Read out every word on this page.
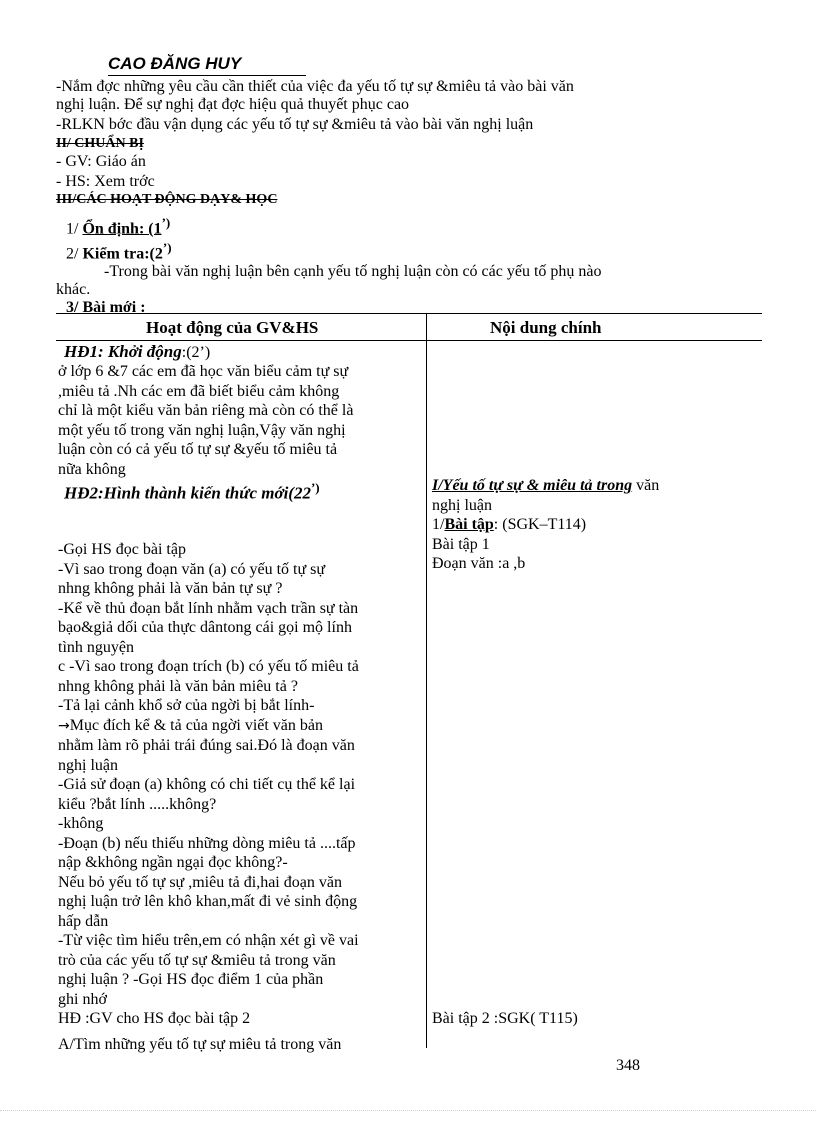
CAO ĐĂNG HUY
-Nắm đợc những yêu cầu cần thiết của việc đa yếu tố tự sự &miêu tả vào bài văn
nghị luận. Để sự nghị đạt đợc hiệu quả thuyết phục cao
-RLKN bớc đầu vận dụng các yếu tố tự sự &miêu tả vào bài văn nghị luận
II/ CHUẨN BỊ
- GV: Giáo án
- HS: Xem trớc
III/CÁC HOẠT ĐỘNG DẠY& HỌC
1/ Ổn định: (1’)
2/ Kiểm tra:(2’)
-Trong bài văn nghị luận bên cạnh yếu tố nghị luận còn có các yếu tố phụ nào
khác.
3/ Bài mới :
Hoạt động của GV&HS	Nội dung chính
HĐ1: Khởi động:(2’)
ở lớp 6 &7 các em đã học văn biểu cảm tự sự
,miêu tả .Nh các em đã biết biểu cảm không
chỉ là một kiểu văn bản riêng mà còn có thể là
một yếu tố trong văn nghị luận,Vậy văn nghị
luận còn có cả yếu tố tự sự &yếu tố miêu tả
nữa không
HĐ2:Hình thành kiến thức mới(22’)
-Gọi HS đọc bài tập
-Vì sao trong đoạn văn (a) có yếu tố tự sự
nhng không phải là văn bản tự sự ?
-Kể về thủ đoạn bắt lính nhằm vạch trần sự tàn
bạo&giả dối của thực dântong cái gọi mộ lính
tình nguyện
c -Vì sao trong đoạn trích (b) có yếu tố miêu tả
nhng không phải là văn bản miêu tả ?
-Tả lại cảnh khổ sở của ngời bị bắt lính-
→Mục đích kể & tả của ngời viết văn bản
nhằm làm rõ phải trái đúng sai.Đó là đoạn văn
nghị luận
-Giả sử đoạn (a) không có chi tiết cụ thể kể lại
kiểu ?bắt lính .....không?
-không
-Đoạn (b) nếu thiếu những dòng miêu tả ....tấp
nập &không ngần ngại đọc không?-
Nếu bỏ yếu tố tự sự ,miêu tả đi,hai đoạn văn
nghị luận trở lên khô khan,mất đi vẻ sinh động
hấp dẫn
-Từ việc tìm hiểu trên,em có nhận xét gì về vai
trò của các yếu tố tự sự &miêu tả trong văn
nghị luận ? -Gọi HS đọc điểm 1 của phần
ghi nhớ
HĐ :GV cho HS đọc bài tập 2
A/Tìm những yếu tố tự sự miêu tả trong văn
I/Yếu tố tự sự & miêu tả trong văn
nghị luận
1/Bài tập: (SGK–T114)
Bài tập 1
Đoạn văn :a ,b
Bài tập 2 :SGK( T115)
348
